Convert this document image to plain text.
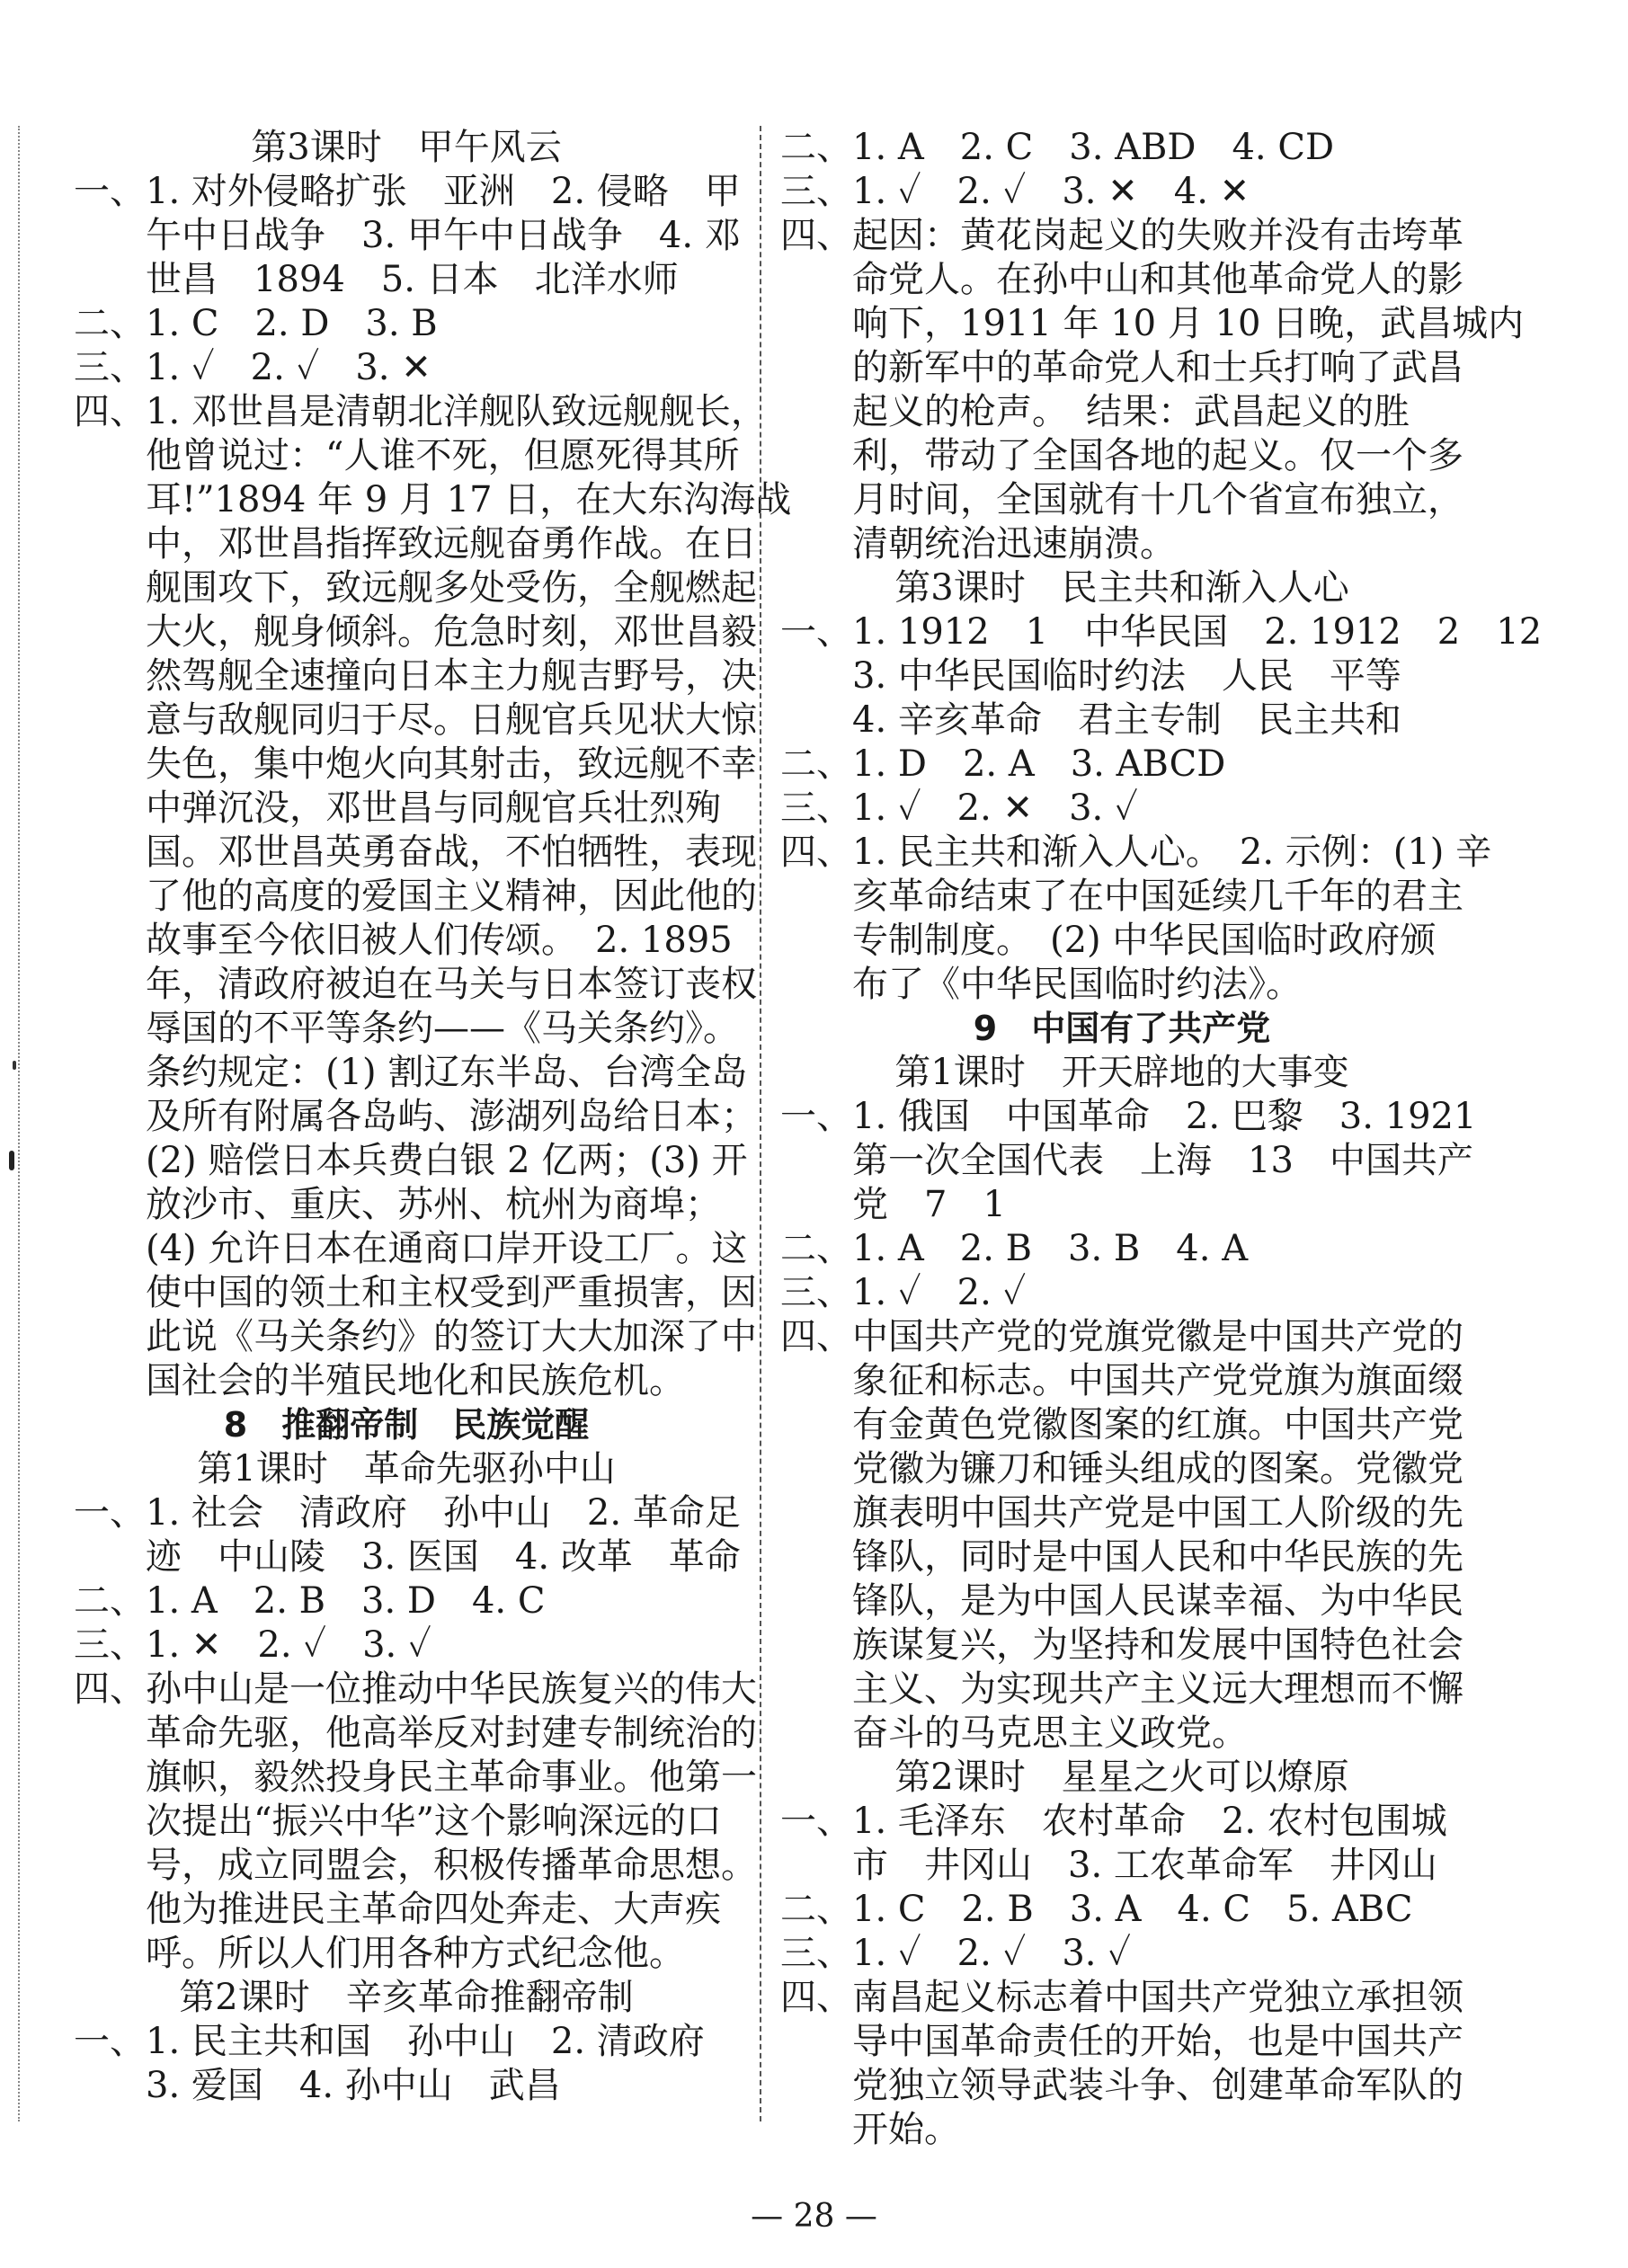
第3课时　甲午风云
一、1. 对外侵略扩张　亚洲　2. 侵略　甲
午中日战争　3. 甲午中日战争　4. 邓
世昌　1894　5. 日本　北洋水师
二、1. C　2. D　3. B
三、1. ✓　2. ✓　3. ✕
四、1. 邓世昌是清朝北洋舰队致远舰舰长，
他曾说过：“人谁不死，但愿死得其所
耳!”1894 年 9 月 17 日，在大东沟海战
中，邓世昌指挥致远舰奋勇作战。在日
舰围攻下，致远舰多处受伤，全舰燃起
大火，舰身倾斜。危急时刻，邓世昌毅
然驾舰全速撞向日本主力舰吉野号，决
意与敌舰同归于尽。日舰官兵见状大惊
失色，集中炮火向其射击，致远舰不幸
中弹沉没，邓世昌与同舰官兵壮烈殉
国。邓世昌英勇奋战，不怕牺牲，表现
了他的高度的爱国主义精神，因此他的
故事至今依旧被人们传颂。　2. 1895
年，清政府被迫在马关与日本签订丧权
辱国的不平等条约——《马关条约》。
条约规定：(1) 割辽东半岛、台湾全岛
及所有附属各岛屿、澎湖列岛给日本；
(2) 赔偿日本兵费白银 2 亿两；(3) 开
放沙市、重庆、苏州、杭州为商埠；
(4) 允许日本在通商口岸开设工厂。这
使中国的领土和主权受到严重损害，因
此说《马关条约》的签订大大加深了中
国社会的半殖民地化和民族危机。
8　推翻帝制　民族觉醒
第1课时　革命先驱孙中山
一、1. 社会　清政府　孙中山　2. 革命足
迹　中山陵　3. 医国　4. 改革　革命
二、1. A　2. B　3. D　4. C
三、1. ✕　2. ✓　3. ✓
四、孙中山是一位推动中华民族复兴的伟大
革命先驱，他高举反对封建专制统治的
旗帜，毅然投身民主革命事业。他第一
次提出“振兴中华”这个影响深远的口
号，成立同盟会，积极传播革命思想。
他为推进民主革命四处奔走、大声疾
呼。所以人们用各种方式纪念他。
第2课时　辛亥革命推翻帝制
一、1. 民主共和国　孙中山　2. 清政府
3. 爱国　4. 孙中山　武昌
二、1. A　2. C　3. ABD　4. CD
三、1. ✓　2. ✓　3. ✕　4. ✕
四、起因：黄花岗起义的失败并没有击垮革
命党人。在孙中山和其他革命党人的影
响下，1911 年 10 月 10 日晚，武昌城内
的新军中的革命党人和士兵打响了武昌
起义的枪声。　结果：武昌起义的胜
利，带动了全国各地的起义。仅一个多
月时间，全国就有十几个省宣布独立，
清朝统治迅速崩溃。
第3课时　民主共和渐入人心
一、1. 1912　1　中华民国　2. 1912　2　12
3. 中华民国临时约法　人民　平等
4. 辛亥革命　君主专制　民主共和
二、1. D　2. A　3. ABCD
三、1. ✓　2. ✕　3. ✓
四、1. 民主共和渐入人心。　2. 示例：(1) 辛
亥革命结束了在中国延续几千年的君主
专制制度。　(2) 中华民国临时政府颁
布了《中华民国临时约法》。
9　中国有了共产党
第1课时　开天辟地的大事变
一、1. 俄国　中国革命　2. 巴黎　3. 1921
第一次全国代表　上海　13　中国共产
党　7　1
二、1. A　2. B　3. B　4. A
三、1. ✓　2. ✓
四、中国共产党的党旗党徽是中国共产党的
象征和标志。中国共产党党旗为旗面缀
有金黄色党徽图案的红旗。中国共产党
党徽为镰刀和锤头组成的图案。党徽党
旗表明中国共产党是中国工人阶级的先
锋队，同时是中国人民和中华民族的先
锋队，是为中国人民谋幸福、为中华民
族谋复兴，为坚持和发展中国特色社会
主义、为实现共产主义远大理想而不懈
奋斗的马克思主义政党。
第2课时　星星之火可以燎原
一、1. 毛泽东　农村革命　2. 农村包围城
市　井冈山　3. 工农革命军　井冈山
二、1. C　2. B　3. A　4. C　5. ABC
三、1. ✓　2. ✓　3. ✓
四、南昌起义标志着中国共产党独立承担领
导中国革命责任的开始，也是中国共产
党独立领导武装斗争、创建革命军队的
开始。
— 28 —
